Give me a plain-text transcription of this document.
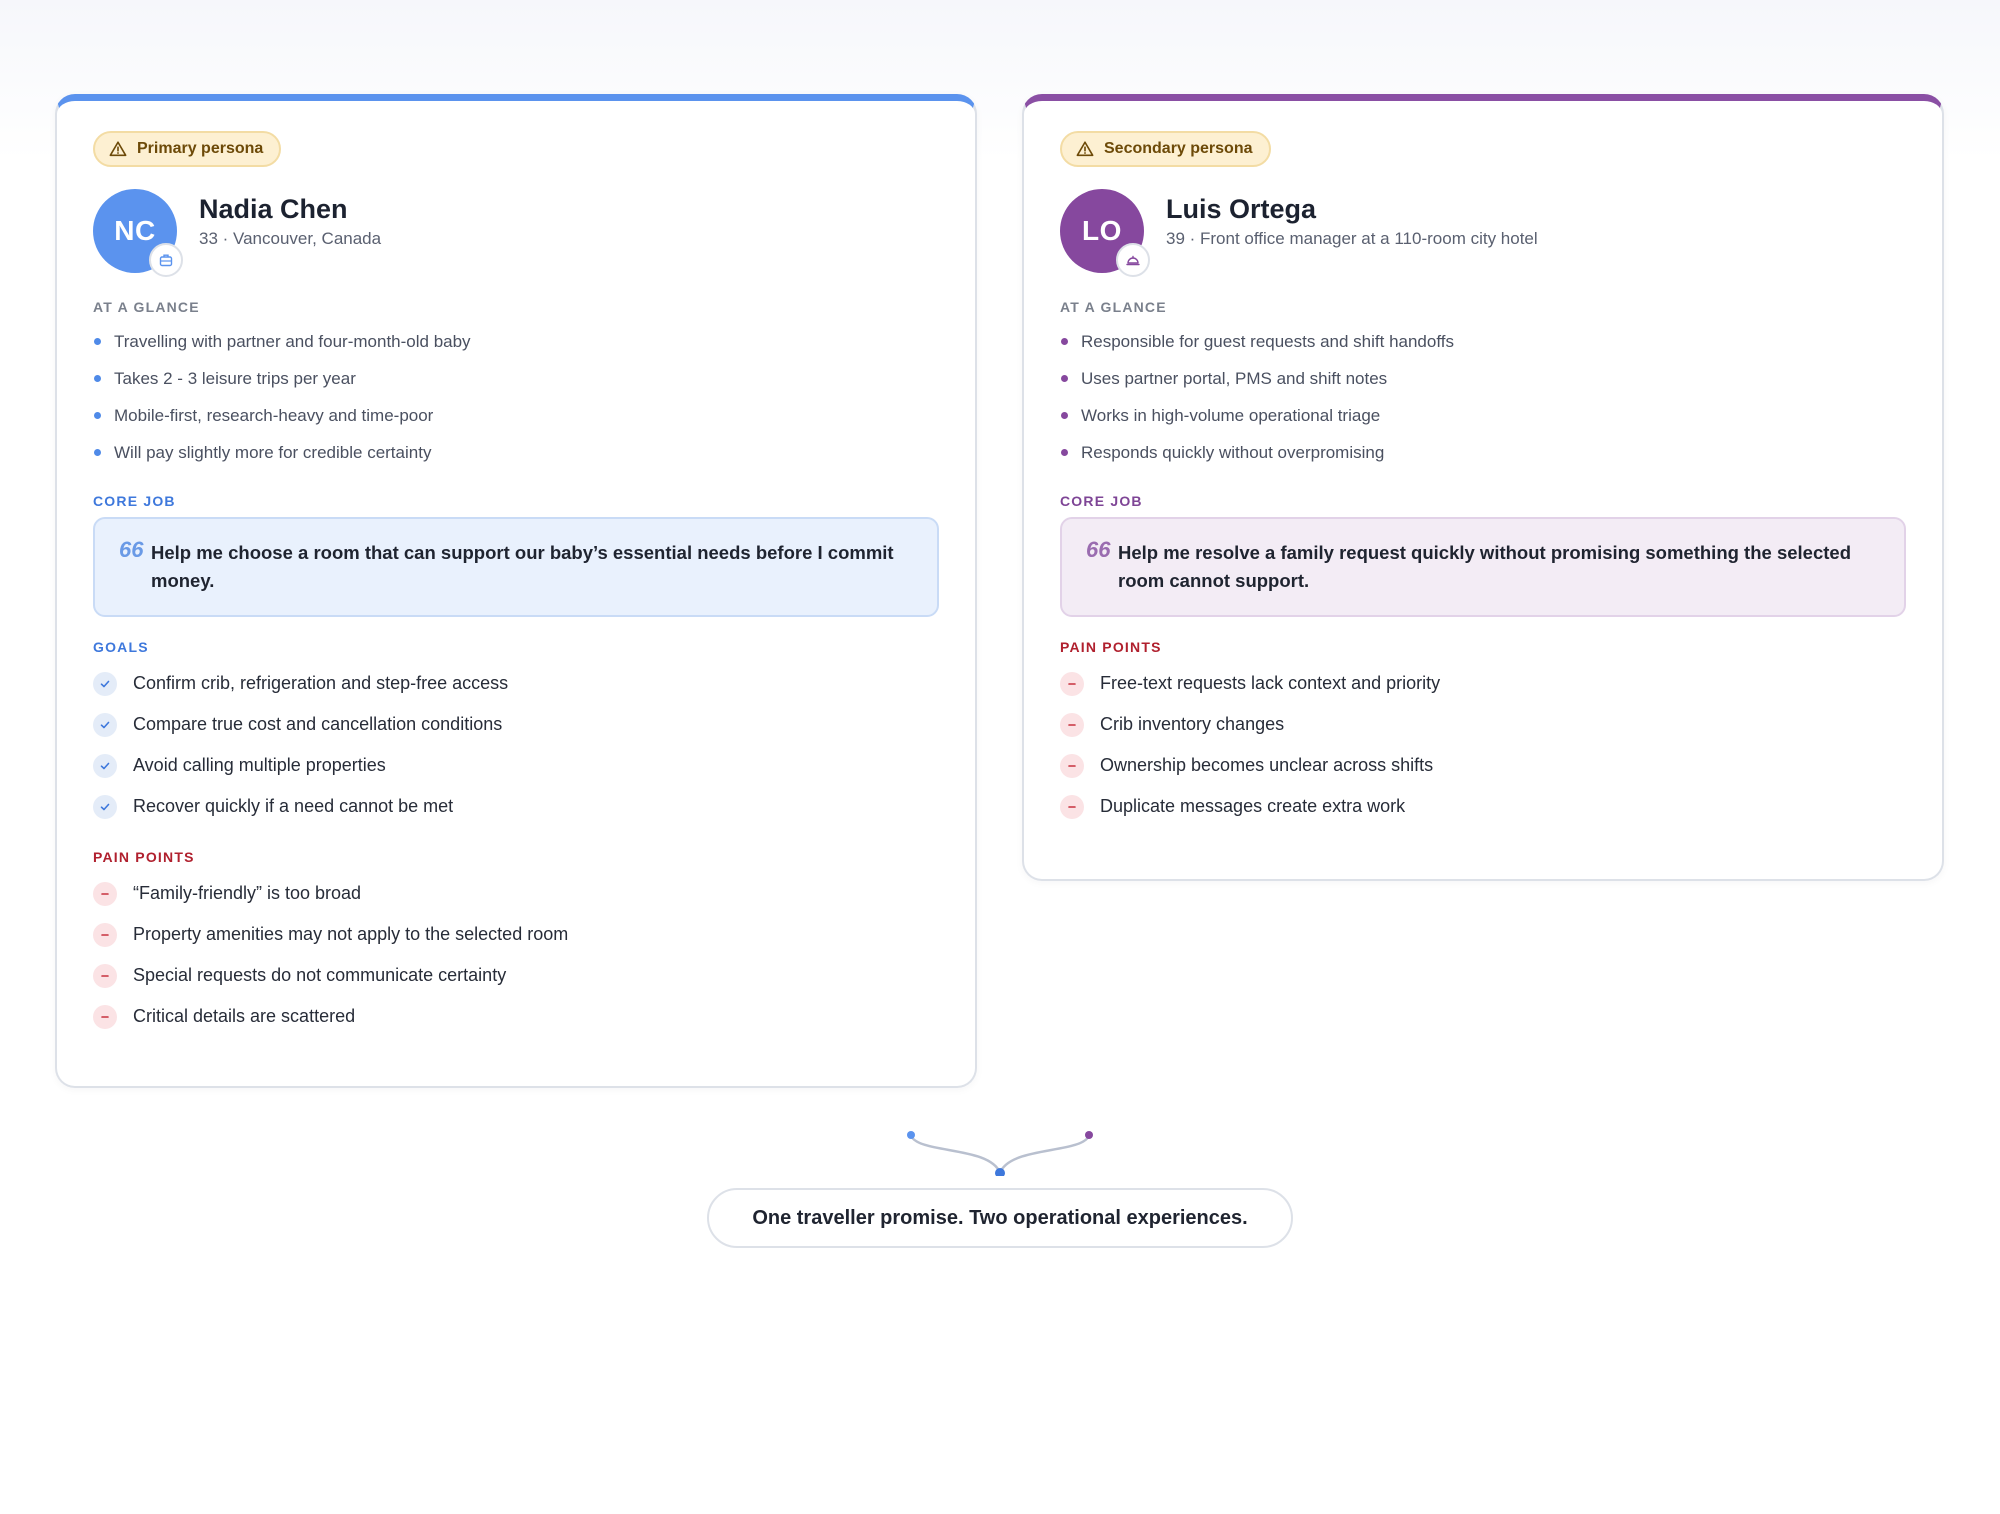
Primary persona
NC
Nadia Chen
33 · Vancouver, Canada
AT A GLANCE
Travelling with partner and four-month-old baby
Takes 2 - 3 leisure trips per year
Mobile-first, research-heavy and time-poor
Will pay slightly more for credible certainty
CORE JOB
66 Help me choose a room that can support our baby’s essential needs before I commit money.
GOALS
Confirm crib, refrigeration and step-free access
Compare true cost and cancellation conditions
Avoid calling multiple properties
Recover quickly if a need cannot be met
PAIN POINTS
“Family-friendly” is too broad
Property amenities may not apply to the selected room
Special requests do not communicate certainty
Critical details are scattered
Secondary persona
LO
Luis Ortega
39 · Front office manager at a 110-room city hotel
AT A GLANCE
Responsible for guest requests and shift handoffs
Uses partner portal, PMS and shift notes
Works in high-volume operational triage
Responds quickly without overpromising
CORE JOB
66 Help me resolve a family request quickly without promising something the selected room cannot support.
PAIN POINTS
Free-text requests lack context and priority
Crib inventory changes
Ownership becomes unclear across shifts
Duplicate messages create extra work
One traveller promise. Two operational experiences.
